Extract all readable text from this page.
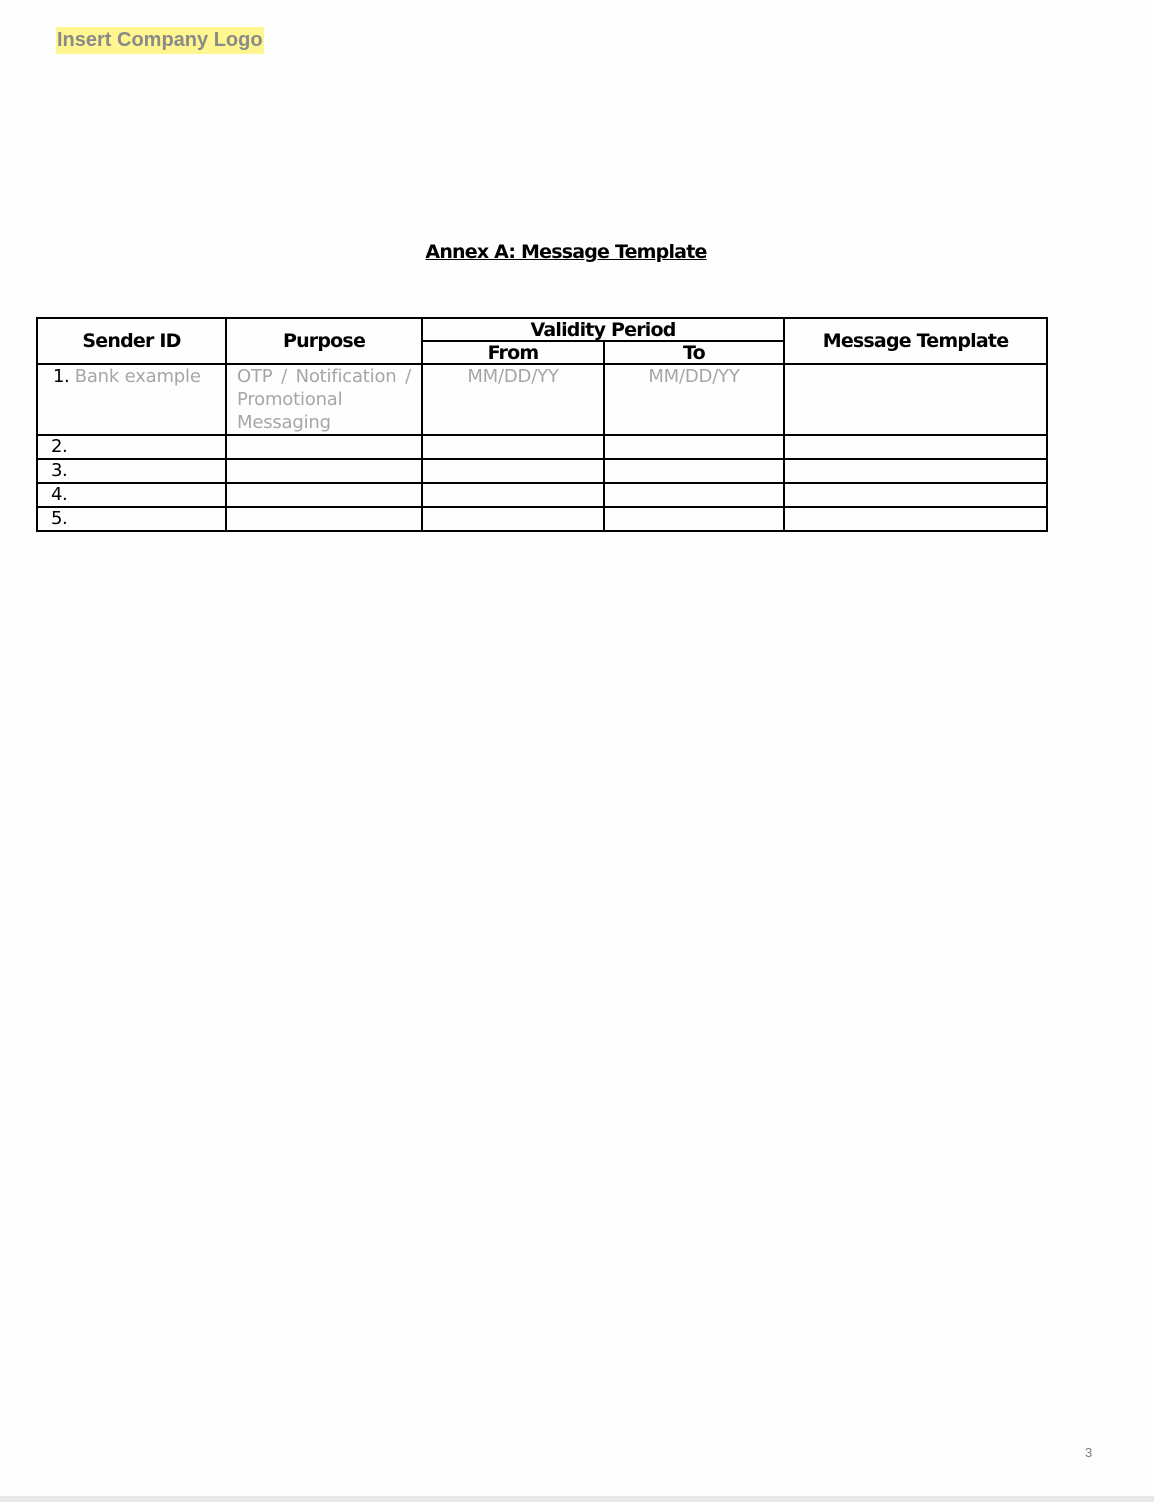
Insert Company Logo
Annex A: Message Template
Sender ID	Purpose	Validity Period		Message Template
		From	To	

1. Bank example	OTP / Notification / Promotional Messaging	MM/DD/YY	MM/DD/YY	

2.				

3.				

4.				

5.				

3
